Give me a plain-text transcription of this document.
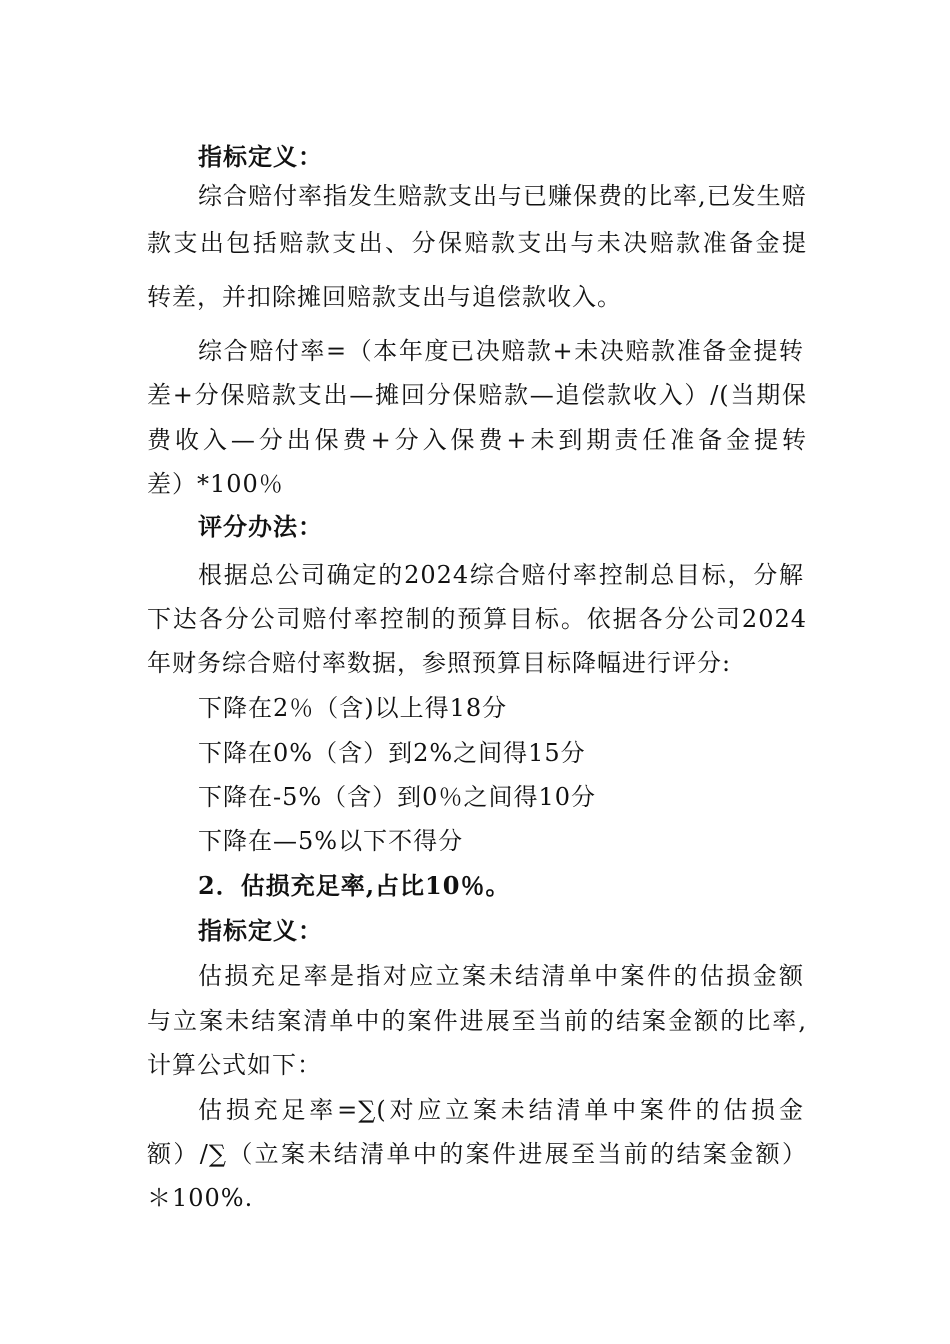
指标定义：
综合赔付率指发生赔款支出与已赚保费的比率,已发生赔
款支出包括赔款支出、分保赔款支出与未决赔款准备金提
转差，并扣除摊回赔款支出与追偿款收入。
综合赔付率=（本年度已决赔款+未决赔款准备金提转
差+分保赔款支出—摊回分保赔款—追偿款收入）/(当期保
费收入—分出保费+分入保费+未到期责任准备金提转
差）*100％
评分办法：
根据总公司确定的2024综合赔付率控制总目标，分解
下达各分公司赔付率控制的预算目标。依据各分公司2024
年财务综合赔付率数据，参照预算目标降幅进行评分:
下降在2％（含)以上得18分
下降在0%（含）到2%之间得15分
下降在-5%（含）到0％之间得10分
下降在—5%以下不得分
2．估损充足率,占比10％。
指标定义：
估损充足率是指对应立案未结清单中案件的估损金额
与立案未结案清单中的案件进展至当前的结案金额的比率,
计算公式如下：
估损充足率=∑(对应立案未结清单中案件的估损金
额）/∑（立案未结清单中的案件进展至当前的结案金额）
＊100%.
